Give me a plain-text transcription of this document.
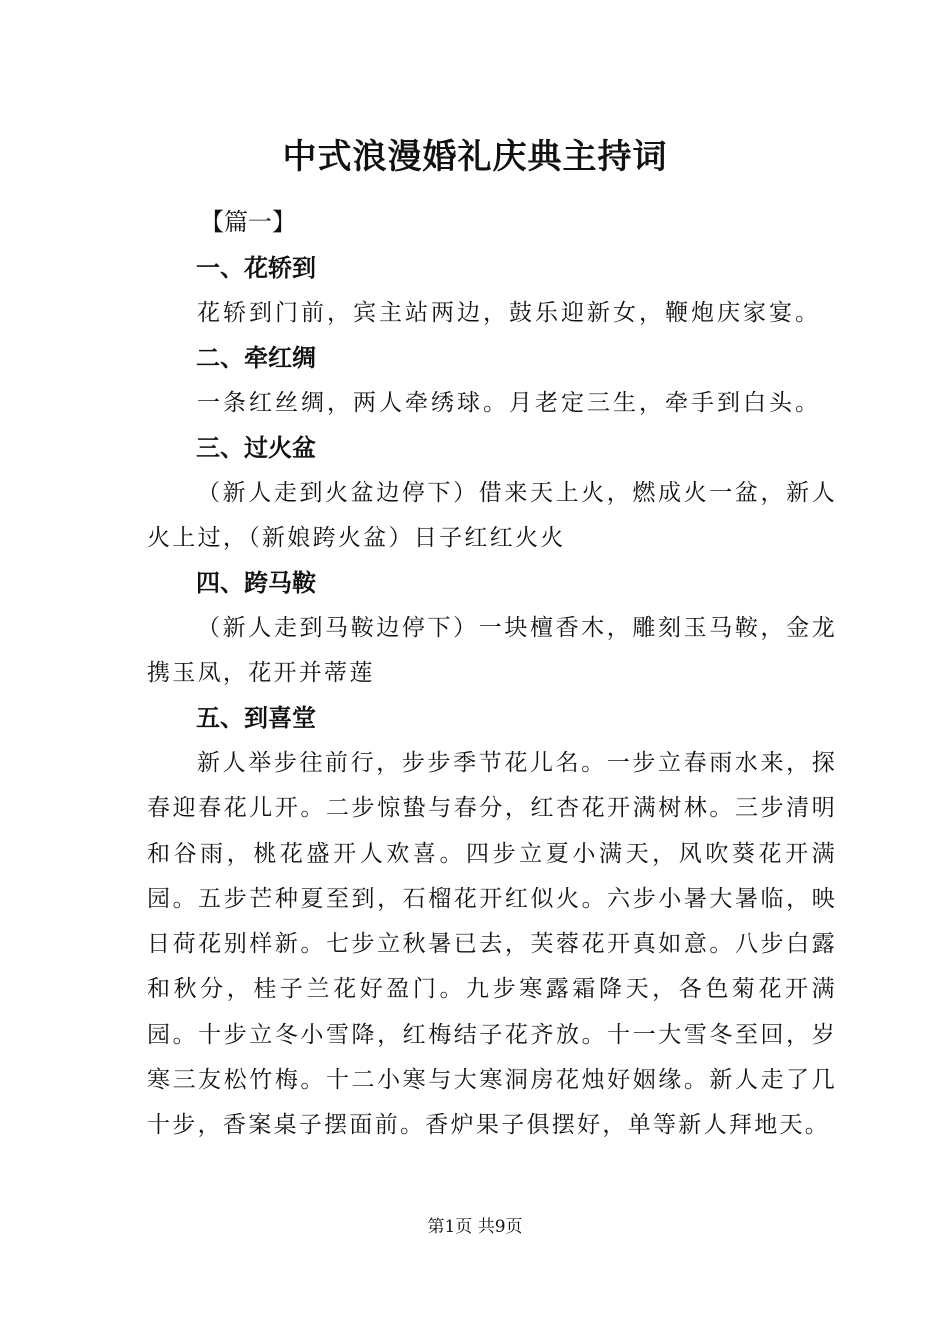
中式浪漫婚礼庆典主持词
【篇一】
一、花轿到
花轿到门前，宾主站两边，鼓乐迎新女，鞭炮庆家宴。
二、牵红绸
一条红丝绸，两人牵绣球。月老定三生，牵手到白头。
三、过火盆
（新人走到火盆边停下）借来天上火，燃成火一盆，新人火上过，（新娘跨火盆）日子红红火火
四、跨马鞍
（新人走到马鞍边停下）一块檀香木，雕刻玉马鞍，金龙携玉凤，花开并蒂莲
五、到喜堂
新人举步往前行，步步季节花儿名。一步立春雨水来，探春迎春花儿开。二步惊蛰与春分，红杏花开满树林。三步清明和谷雨，桃花盛开人欢喜。四步立夏小满天，风吹葵花开满园。五步芒种夏至到，石榴花开红似火。六步小暑大暑临，映日荷花别样新。七步立秋暑已去，芙蓉花开真如意。八步白露和秋分，桂子兰花好盈门。九步寒露霜降天，各色菊花开满园。十步立冬小雪降，红梅结子花齐放。十一大雪冬至回，岁寒三友松竹梅。十二小寒与大寒洞房花烛好姻缘。新人走了几十步，香案桌子摆面前。香炉果子俱摆好，单等新人拜地天。
第1页 共9页
